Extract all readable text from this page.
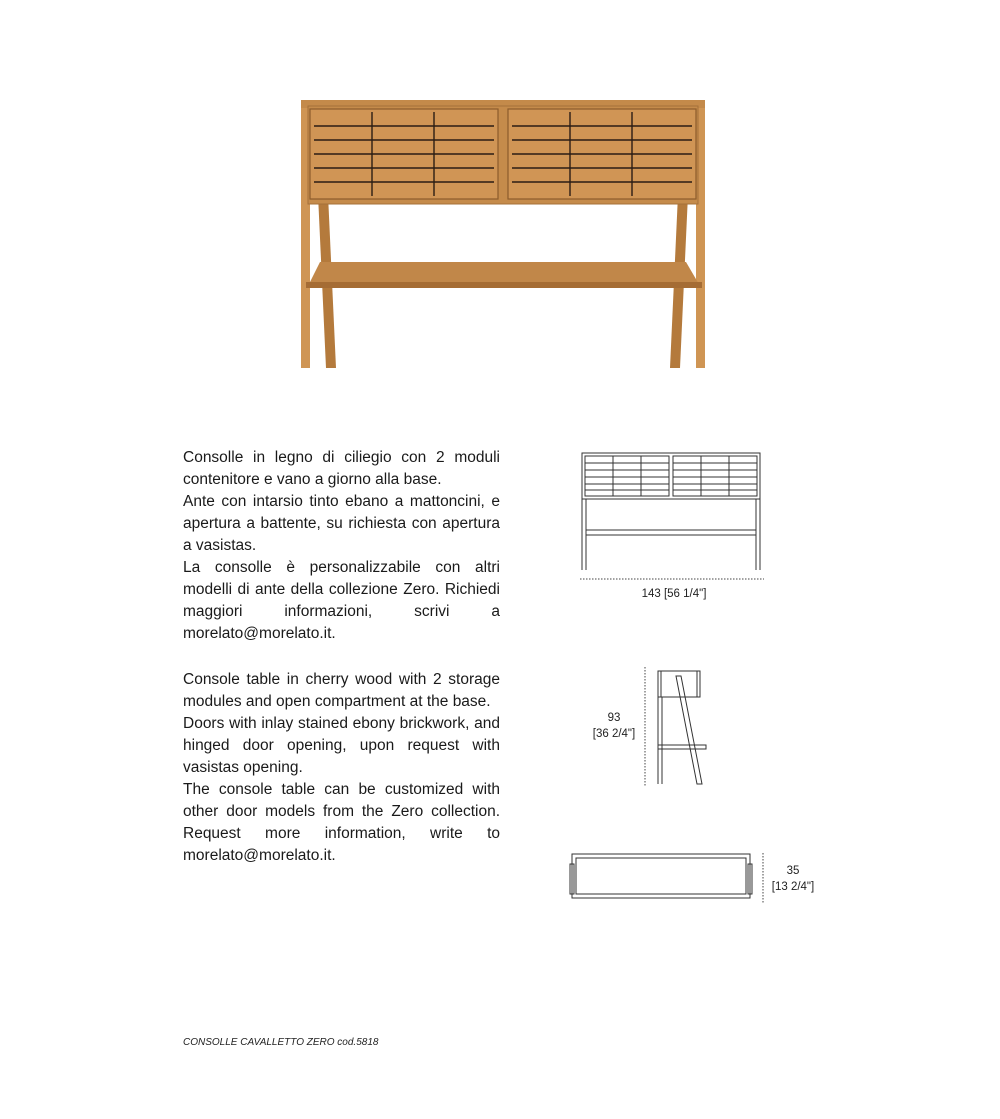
Consolle in legno di ciliegio con 2 moduli contenitore e vano a giorno alla base.

Ante con intarsio tinto ebano a mattoncini, e apertura a battente, su richiesta con apertura a vasistas.

La consolle è personalizzabile con altri modelli di ante della collezione Zero. Richiedi maggiori informazioni, scrivi a morelato@morelato.it.

Console table in cherry wood with 2 storage modules and open compartment at the base.

Doors with inlay stained ebony brickwork, and hinged door opening, upon request with vasistas opening.

The console table can be customized with other door models from the Zero collection. Request more information, write to morelato@morelato.it.

143 [56 1/4"]
93
[36 2/4"]
35
[13 2/4"]
CONSOLLE CAVALLETTO ZERO cod.5818
